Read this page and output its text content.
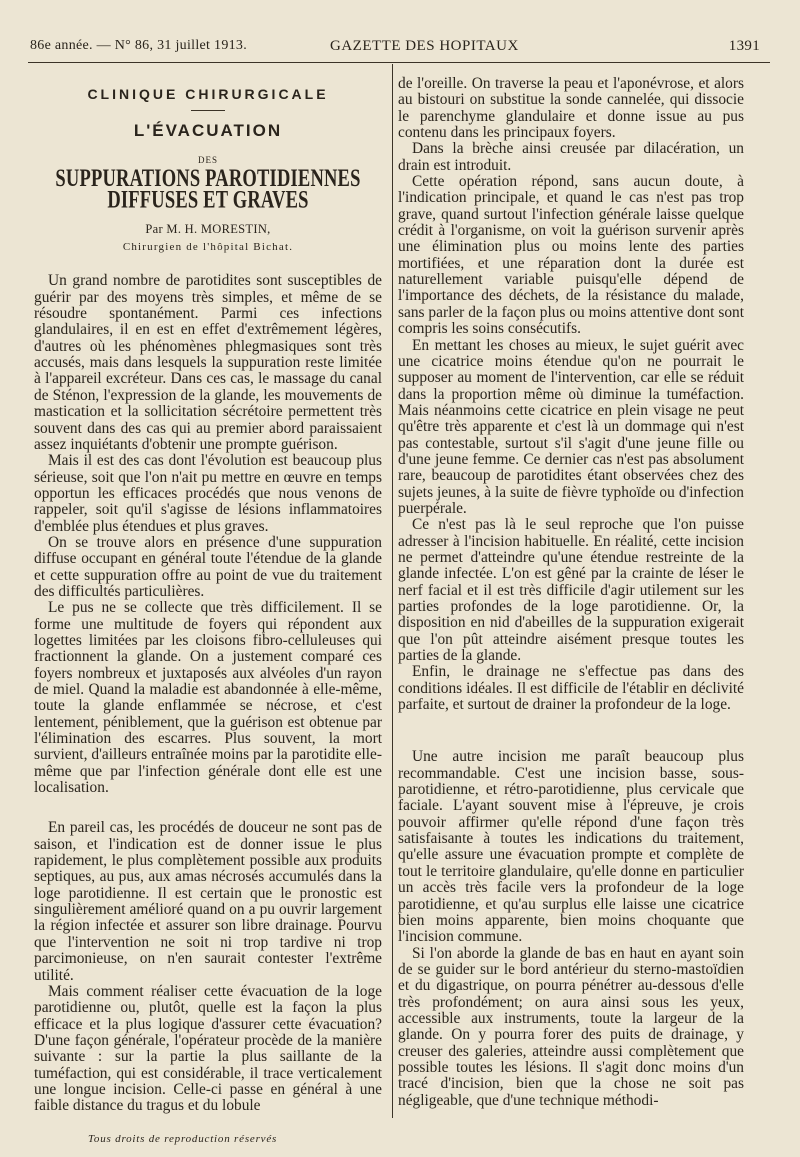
86e année. — N° 86, 31 juillet 1913.	GAZETTE DES HOPITAUX	1391
CLINIQUE CHIRURGICALE
L'ÉVACUATION
DES
SUPPURATIONS PAROTIDIENNES DIFFUSES ET GRAVES
Par M. H. MORESTIN,
Chirurgien de l'hôpital Bichat.

Un grand nombre de parotidites sont susceptibles de guérir par des moyens très simples, et même de se résoudre spontanément. Parmi ces infections glandulaires, il en est en effet d'extrêmement légères, d'autres où les phénomènes phlegmasiques sont très accusés, mais dans lesquels la suppuration reste limitée à l'appareil excréteur. Dans ces cas, le massage du canal de Sténon, l'expression de la glande, les mouvements de mastication et la sollicitation sécrétoire permettent très souvent dans des cas qui au premier abord paraissaient assez inquiétants d'obtenir une prompte guérison.

Mais il est des cas dont l'évolution est beaucoup plus sérieuse, soit que l'on n'ait pu mettre en œuvre en temps opportun les efficaces procédés que nous venons de rappeler, soit qu'il s'agisse de lésions inflammatoires d'emblée plus étendues et plus graves.

On se trouve alors en présence d'une suppuration diffuse occupant en général toute l'étendue de la glande et cette suppuration offre au point de vue du traitement des difficultés particulières.

Le pus ne se collecte que très difficilement. Il se forme une multitude de foyers qui répondent aux logettes limitées par les cloisons fibro-celluleuses qui fractionnent la glande. On a justement comparé ces foyers nombreux et juxtaposés aux alvéoles d'un rayon de miel. Quand la maladie est abandonnée à elle-même, toute la glande enflammée se nécrose, et c'est lentement, péniblement, que la guérison est obtenue par l'élimination des escarres. Plus souvent, la mort survient, d'ailleurs entraînée moins par la parotidite elle-même que par l'infection générale dont elle est une localisation.

En pareil cas, les procédés de douceur ne sont pas de saison, et l'indication est de donner issue le plus rapidement, le plus complètement possible aux produits septiques, au pus, aux amas nécrosés accumulés dans la loge parotidienne. Il est certain que le pronostic est singulièrement amélioré quand on a pu ouvrir largement la région infectée et assurer son libre drainage. Pourvu que l'intervention ne soit ni trop tardive ni trop parcimonieuse, on n'en saurait contester l'extrême utilité.

Mais comment réaliser cette évacuation de la loge parotidienne ou, plutôt, quelle est la façon la plus efficace et la plus logique d'assurer cette évacuation? D'une façon générale, l'opérateur procède de la manière suivante : sur la partie la plus saillante de la tuméfaction, qui est considérable, il trace verticalement une longue incision. Celle-ci passe en général à une faible distance du tragus et du lobule

de l'oreille. On traverse la peau et l'aponévrose, et alors au bistouri on substitue la sonde cannelée, qui dissocie le parenchyme glandulaire et donne issue au pus contenu dans les principaux foyers.

Dans la brèche ainsi creusée par dilacération, un drain est introduit.

Cette opération répond, sans aucun doute, à l'indication principale, et quand le cas n'est pas trop grave, quand surtout l'infection générale laisse quelque crédit à l'organisme, on voit la guérison survenir après une élimination plus ou moins lente des parties mortifiées, et une réparation dont la durée est naturellement variable puisqu'elle dépend de l'importance des déchets, de la résistance du malade, sans parler de la façon plus ou moins attentive dont sont compris les soins consécutifs.

En mettant les choses au mieux, le sujet guérit avec une cicatrice moins étendue qu'on ne pourrait le supposer au moment de l'intervention, car elle se réduit dans la proportion même où diminue la tuméfaction. Mais néanmoins cette cicatrice en plein visage ne peut qu'être très apparente et c'est là un dommage qui n'est pas contestable, surtout s'il s'agit d'une jeune fille ou d'une jeune femme. Ce dernier cas n'est pas absolument rare, beaucoup de parotidites étant observées chez des sujets jeunes, à la suite de fièvre typhoïde ou d'infection puerpérale.

Ce n'est pas là le seul reproche que l'on puisse adresser à l'incision habituelle. En réalité, cette incision ne permet d'atteindre qu'une étendue restreinte de la glande infectée. L'on est gêné par la crainte de léser le nerf facial et il est très difficile d'agir utilement sur les parties profondes de la loge parotidienne. Or, la disposition en nid d'abeilles de la suppuration exigerait que l'on pût atteindre aisément presque toutes les parties de la glande.

Enfin, le drainage ne s'effectue pas dans des conditions idéales. Il est difficile de l'établir en déclivité parfaite, et surtout de drainer la profondeur de la loge.

Une autre incision me paraît beaucoup plus recommandable. C'est une incision basse, sous-parotidienne, et rétro-parotidienne, plus cervicale que faciale. L'ayant souvent mise à l'épreuve, je crois pouvoir affirmer qu'elle répond d'une façon très satisfaisante à toutes les indications du traitement, qu'elle assure une évacuation prompte et complète de tout le territoire glandulaire, qu'elle donne en particulier un accès très facile vers la profondeur de la loge parotidienne, et qu'au surplus elle laisse une cicatrice bien moins apparente, bien moins choquante que l'incision commune.

Si l'on aborde la glande de bas en haut en ayant soin de se guider sur le bord antérieur du sterno-mastoïdien et du digastrique, on pourra pénétrer au-dessous d'elle très profondément; on aura ainsi sous les yeux, accessible aux instruments, toute la largeur de la glande. On y pourra forer des puits de drainage, y creuser des galeries, atteindre aussi complètement que possible toutes les lésions. Il s'agit donc moins d'un tracé d'incision, bien que la chose ne soit pas négligeable, que d'une technique méthodi-

Tous droits de reproduction réservés
